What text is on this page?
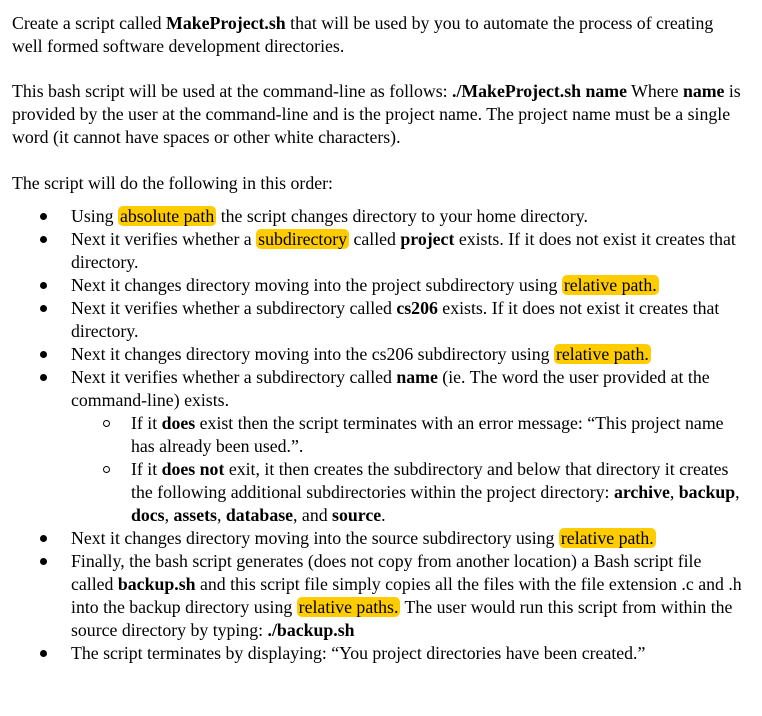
Create a script called MakeProject.sh that will be used by you to automate the process of creating well formed software development directories.

This bash script will be used at the command-line as follows: ./MakeProject.sh name Where name is provided by the user at the command-line and is the project name. The project name must be a single word (it cannot have spaces or other white characters).

The script will do the following in this order:

Using absolute path the script changes directory to your home directory.
Next it verifies whether a subdirectory called project exists. If it does not exist it creates that directory.
Next it changes directory moving into the project subdirectory using relative path.
Next it verifies whether a subdirectory called cs206 exists. If it does not exist it creates that directory.
Next it changes directory moving into the cs206 subdirectory using relative path.
Next it verifies whether a subdirectory called name (ie. The word the user provided at the command-line) exists.
If it does exist then the script terminates with an error message: “This project name has already been used.”.
If it does not exit, it then creates the subdirectory and below that directory it creates the following additional subdirectories within the project directory: archive, backup, docs, assets, database, and source.
Next it changes directory moving into the source subdirectory using relative path.
Finally, the bash script generates (does not copy from another location) a Bash script file called backup.sh and this script file simply copies all the files with the file extension .c and .h into the backup directory using relative paths. The user would run this script from within the source directory by typing: ./backup.sh
The script terminates by displaying: “You project directories have been created.”
